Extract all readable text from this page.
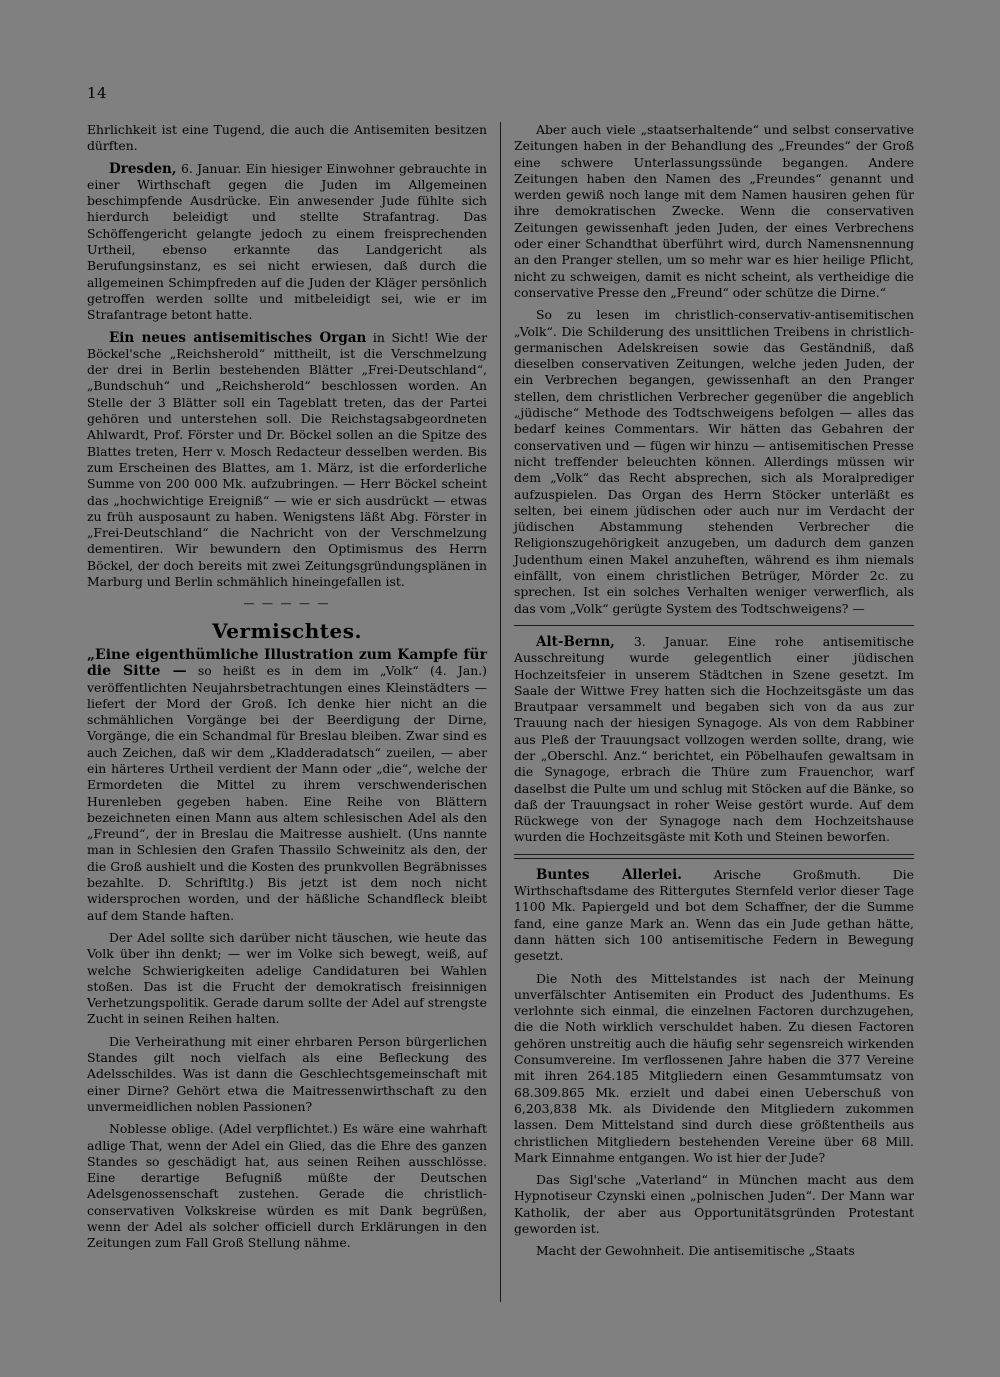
14

Ehrlichkeit ist eine Tugend, die auch die Antisemiten besitzen dürften.

Dresden, 6. Januar. Ein hiesiger Einwohner gebrauchte in einer Wirthschaft gegen die Juden im Allgemeinen beschimpfende Ausdrücke. Ein anwesender Jude fühlte sich hierdurch beleidigt und stellte Strafantrag. Das Schöffengericht gelangte jedoch zu einem freisprechenden Urtheil, ebenso erkannte das Landgericht als Berufungsinstanz, es sei nicht erwiesen, daß durch die allgemeinen Schimpfreden auf die Juden der Kläger persönlich getroffen werden sollte und mitbeleidigt sei, wie er im Strafantrage betont hatte.

Ein neues antisemitisches Organ in Sicht! Wie der Böckel'sche „Reichsherold“ mittheilt, ist die Verschmelzung der drei in Berlin bestehenden Blätter „Frei-Deutschland“, „Bundschuh“ und „Reichsherold“ beschlossen worden. An Stelle der 3 Blätter soll ein Tageblatt treten, das der Partei gehören und unterstehen soll. Die Reichstagsabgeordneten Ahlwardt, Prof. Förster und Dr. Böckel sollen an die Spitze des Blattes treten, Herr v. Mosch Redacteur desselben werden. Bis zum Erscheinen des Blattes, am 1. März, ist die erforderliche Summe von 200 000 Mk. aufzubringen. — Herr Böckel scheint das „hochwichtige Ereigniß“ — wie er sich ausdrückt — etwas zu früh ausposaunt zu haben. Wenigstens läßt Abg. Förster in „Frei-Deutschland“ die Nachricht von der Verschmelzung dementiren. Wir bewundern den Optimismus des Herrn Böckel, der doch bereits mit zwei Zeitungsgründungsplänen in Marburg und Berlin schmählich hineingefallen ist.

— — — — —
Vermischtes.

„Eine eigenthümliche Illustration zum Kampfe für die Sitte — so heißt es in dem im „Volk“ (4. Jan.) veröffentlichten Neujahrsbetrachtungen eines Kleinstädters — liefert der Mord der Groß. Ich denke hier nicht an die schmählichen Vorgänge bei der Beerdigung der Dirne, Vorgänge, die ein Schandmal für Breslau bleiben. Zwar sind es auch Zeichen, daß wir dem „Kladderadatsch“ zueilen, — aber ein härteres Urtheil verdient der Mann oder „die“, welche der Ermordeten die Mittel zu ihrem verschwenderischen Hurenleben gegeben haben. Eine Reihe von Blättern bezeichneten einen Mann aus altem schlesischen Adel als den „Freund“, der in Breslau die Maitresse aushielt. (Uns nannte man in Schlesien den Grafen Thassilo Schweinitz als den, der die Groß aushielt und die Kosten des prunkvollen Begräbnisses bezahlte. D. Schriftltg.) Bis jetzt ist dem noch nicht widersprochen worden, und der häßliche Schandfleck bleibt auf dem Stande haften.

Der Adel sollte sich darüber nicht täuschen, wie heute das Volk über ihn denkt; — wer im Volke sich bewegt, weiß, auf welche Schwierigkeiten adelige Candidaturen bei Wahlen stoßen. Das ist die Frucht der demokratisch freisinnigen Verhetzungspolitik. Gerade darum sollte der Adel auf strengste Zucht in seinen Reihen halten.

Die Verheirathung mit einer ehrbaren Person bürgerlichen Standes gilt noch vielfach als eine Befleckung des Adelsschildes. Was ist dann die Geschlechtsgemeinschaft mit einer Dirne? Gehört etwa die Maitressenwirthschaft zu den unvermeidlichen noblen Passionen?

Noblesse oblige. (Adel verpflichtet.) Es wäre eine wahrhaft adlige That, wenn der Adel ein Glied, das die Ehre des ganzen Standes so geschädigt hat, aus seinen Reihen ausschlösse. Eine derartige Befugniß müßte der Deutschen Adelsgenossenschaft zustehen. Gerade die christlich-conservativen Volkskreise würden es mit Dank begrüßen, wenn der Adel als solcher officiell durch Erklärungen in den Zeitungen zum Fall Groß Stellung nähme.

Aber auch viele „staatserhaltende“ und selbst conservative Zeitungen haben in der Behandlung des „Freundes“ der Groß eine schwere Unterlassungssünde begangen. Andere Zeitungen haben den Namen des „Freundes“ genannt und werden gewiß noch lange mit dem Namen hausiren gehen für ihre demokratischen Zwecke. Wenn die conservativen Zeitungen gewissenhaft jeden Juden, der eines Verbrechens oder einer Schandthat überführt wird, durch Namensnennung an den Pranger stellen, um so mehr war es hier heilige Pflicht, nicht zu schweigen, damit es nicht scheint, als vertheidige die conservative Presse den „Freund“ oder schütze die Dirne.“

So zu lesen im christlich-conservativ-antisemitischen „Volk“. Die Schilderung des unsittlichen Treibens in christlich-germanischen Adelskreisen sowie das Geständniß, daß dieselben conservativen Zeitungen, welche jeden Juden, der ein Verbrechen begangen, gewissenhaft an den Pranger stellen, dem christlichen Verbrecher gegenüber die angeblich „jüdische“ Methode des Todtschweigens befolgen — alles das bedarf keines Commentars. Wir hätten das Gebahren der conservativen und — fügen wir hinzu — antisemitischen Presse nicht treffender beleuchten können. Allerdings müssen wir dem „Volk“ das Recht absprechen, sich als Moralprediger aufzuspielen. Das Organ des Herrn Stöcker unterläßt es selten, bei einem jüdischen oder auch nur im Verdacht der jüdischen Abstammung stehenden Verbrecher die Religionszugehörigkeit anzugeben, um dadurch dem ganzen Judenthum einen Makel anzuheften, während es ihm niemals einfällt, von einem christlichen Betrüger, Mörder 2c. zu sprechen. Ist ein solches Verhalten weniger verwerflich, als das vom „Volk“ gerügte System des Todtschweigens? —

Alt-Bernn, 3. Januar. Eine rohe antisemitische Ausschreitung wurde gelegentlich einer jüdischen Hochzeitsfeier in unserem Städtchen in Szene gesetzt. Im Saale der Wittwe Frey hatten sich die Hochzeitsgäste um das Brautpaar versammelt und begaben sich von da aus zur Trauung nach der hiesigen Synagoge. Als von dem Rabbiner aus Pleß der Trauungsact vollzogen werden sollte, drang, wie der „Oberschl. Anz.“ berichtet, ein Pöbelhaufen gewaltsam in die Synagoge, erbrach die Thüre zum Frauenchor, warf daselbst die Pulte um und schlug mit Stöcken auf die Bänke, so daß der Trauungsact in roher Weise gestört wurde. Auf dem Rückwege von der Synagoge nach dem Hochzeitshause wurden die Hochzeitsgäste mit Koth und Steinen beworfen.

Buntes Allerlei. Arische Großmuth. Die Wirthschaftsdame des Rittergutes Sternfeld verlor dieser Tage 1100 Mk. Papiergeld und bot dem Schaffner, der die Summe fand, eine ganze Mark an. Wenn das ein Jude gethan hätte, dann hätten sich 100 antisemitische Federn in Bewegung gesetzt.

Die Noth des Mittelstandes ist nach der Meinung unverfälschter Antisemiten ein Product des Judenthums. Es verlohnte sich einmal, die einzelnen Factoren durchzugehen, die die Noth wirklich verschuldet haben. Zu diesen Factoren gehören unstreitig auch die häufig sehr segensreich wirkenden Consumvereine. Im verflossenen Jahre haben die 377 Vereine mit ihren 264.185 Mitgliedern einen Gesammtumsatz von 68.309.865 Mk. erzielt und dabei einen Ueberschuß von 6,203,838 Mk. als Dividende den Mitgliedern zukommen lassen. Dem Mittelstand sind durch diese größtentheils aus christlichen Mitgliedern bestehenden Vereine über 68 Mill. Mark Einnahme entgangen. Wo ist hier der Jude?

Das Sigl'sche „Vaterland“ in München macht aus dem Hypnotiseur Czynski einen „polnischen Juden“. Der Mann war Katholik, der aber aus Opportunitätsgründen Protestant geworden ist.

Macht der Gewohnheit. Die antisemitische „Staats
